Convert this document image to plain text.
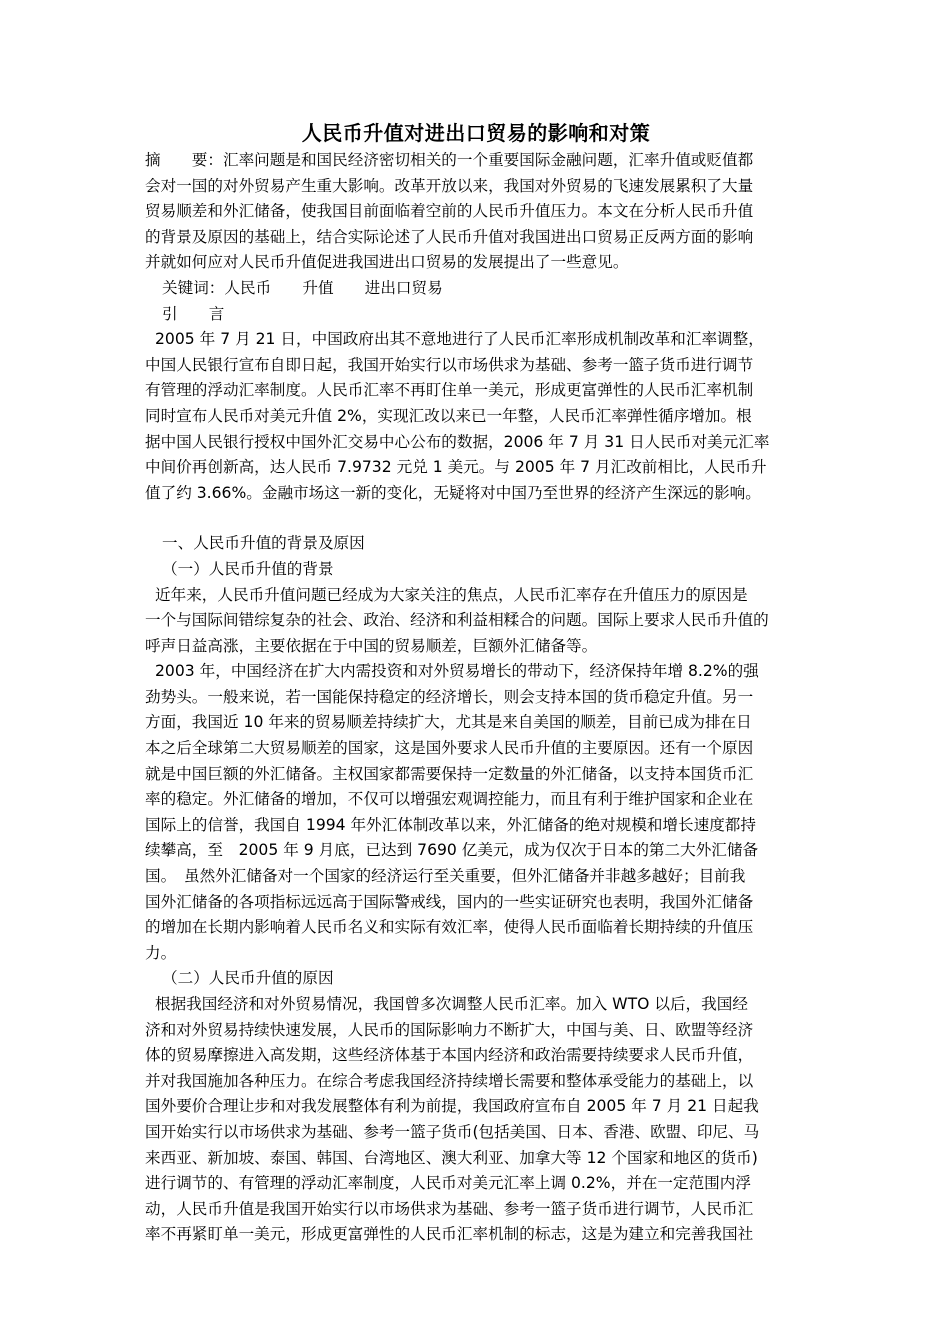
人民币升值对进出口贸易的影响和对策
摘　　要：汇率问题是和国民经济密切相关的一个重要国际金融问题，汇率升值或贬值都
会对一国的对外贸易产生重大影响。改革开放以来，我国对外贸易的飞速发展累积了大量
贸易顺差和外汇储备，使我国目前面临着空前的人民币升值压力。本文在分析人民币升值
的背景及原因的基础上，结合实际论述了人民币升值对我国进出口贸易正反两方面的影响
并就如何应对人民币升值促进我国进出口贸易的发展提出了一些意见。
关键词：人民币　　升值　　进出口贸易
引　　言
2005 年 7 月 21 日，中国政府出其不意地进行了人民币汇率形成机制改革和汇率调整，
中国人民银行宣布自即日起，我国开始实行以市场供求为基础、参考一篮子货币进行调节
有管理的浮动汇率制度。人民币汇率不再盯住单一美元，形成更富弹性的人民币汇率机制
同时宣布人民币对美元升值 2%，实现汇改以来已一年整，人民币汇率弹性循序增加。根
据中国人民银行授权中国外汇交易中心公布的数据，2006 年 7 月 31 日人民币对美元汇率
中间价再创新高，达人民币 7.9732 元兑 1 美元。与 2005 年 7 月汇改前相比，人民币升
值了约 3.66%。金融市场这一新的变化，无疑将对中国乃至世界的经济产生深远的影响。
一、人民币升值的背景及原因
（一）人民币升值的背景
近年来，人民币升值问题已经成为大家关注的焦点，人民币汇率存在升值压力的原因是
一个与国际间错综复杂的社会、政治、经济和利益相糅合的问题。国际上要求人民币升值的
呼声日益高涨，主要依据在于中国的贸易顺差，巨额外汇储备等。
2003 年，中国经济在扩大内需投资和对外贸易增长的带动下，经济保持年增 8.2%的强
劲势头。一般来说，若一国能保持稳定的经济增长，则会支持本国的货币稳定升值。另一
方面，我国近 10 年来的贸易顺差持续扩大，尤其是来自美国的顺差，目前已成为排在日
本之后全球第二大贸易顺差的国家，这是国外要求人民币升值的主要原因。还有一个原因
就是中国巨额的外汇储备。主权国家都需要保持一定数量的外汇储备，以支持本国货币汇
率的稳定。外汇储备的增加，不仅可以增强宏观调控能力，而且有利于维护国家和企业在
国际上的信誉，我国自 1994 年外汇体制改革以来，外汇储备的绝对规模和增长速度都持
续攀高，至　2005 年 9 月底，已达到 7690 亿美元，成为仅次于日本的第二大外汇储备
国。　虽然外汇储备对一个国家的经济运行至关重要，但外汇储备并非越多越好；目前我
国外汇储备的各项指标远远高于国际警戒线，国内的一些实证研究也表明，我国外汇储备
的增加在长期内影响着人民币名义和实际有效汇率，使得人民币面临着长期持续的升值压
力。
（二）人民币升值的原因
根据我国经济和对外贸易情况，我国曾多次调整人民币汇率。加入 WTO 以后，我国经
济和对外贸易持续快速发展，人民币的国际影响力不断扩大，中国与美、日、欧盟等经济
体的贸易摩擦进入高发期，这些经济体基于本国内经济和政治需要持续要求人民币升值，
并对我国施加各种压力。在综合考虑我国经济持续增长需要和整体承受能力的基础上，以
国外要价合理让步和对我发展整体有利为前提，我国政府宣布自 2005 年 7 月 21 日起我
国开始实行以市场供求为基础、参考一篮子货币(包括美国、日本、香港、欧盟、印尼、马
来西亚、新加坡、泰国、韩国、台湾地区、澳大利亚、加拿大等 12 个国家和地区的货币)
进行调节的、有管理的浮动汇率制度，人民币对美元汇率上调 0.2%，并在一定范围内浮
动，人民币升值是我国开始实行以市场供求为基础、参考一篮子货币进行调节，人民币汇
率不再紧盯单一美元，形成更富弹性的人民币汇率机制的标志，这是为建立和完善我国社
